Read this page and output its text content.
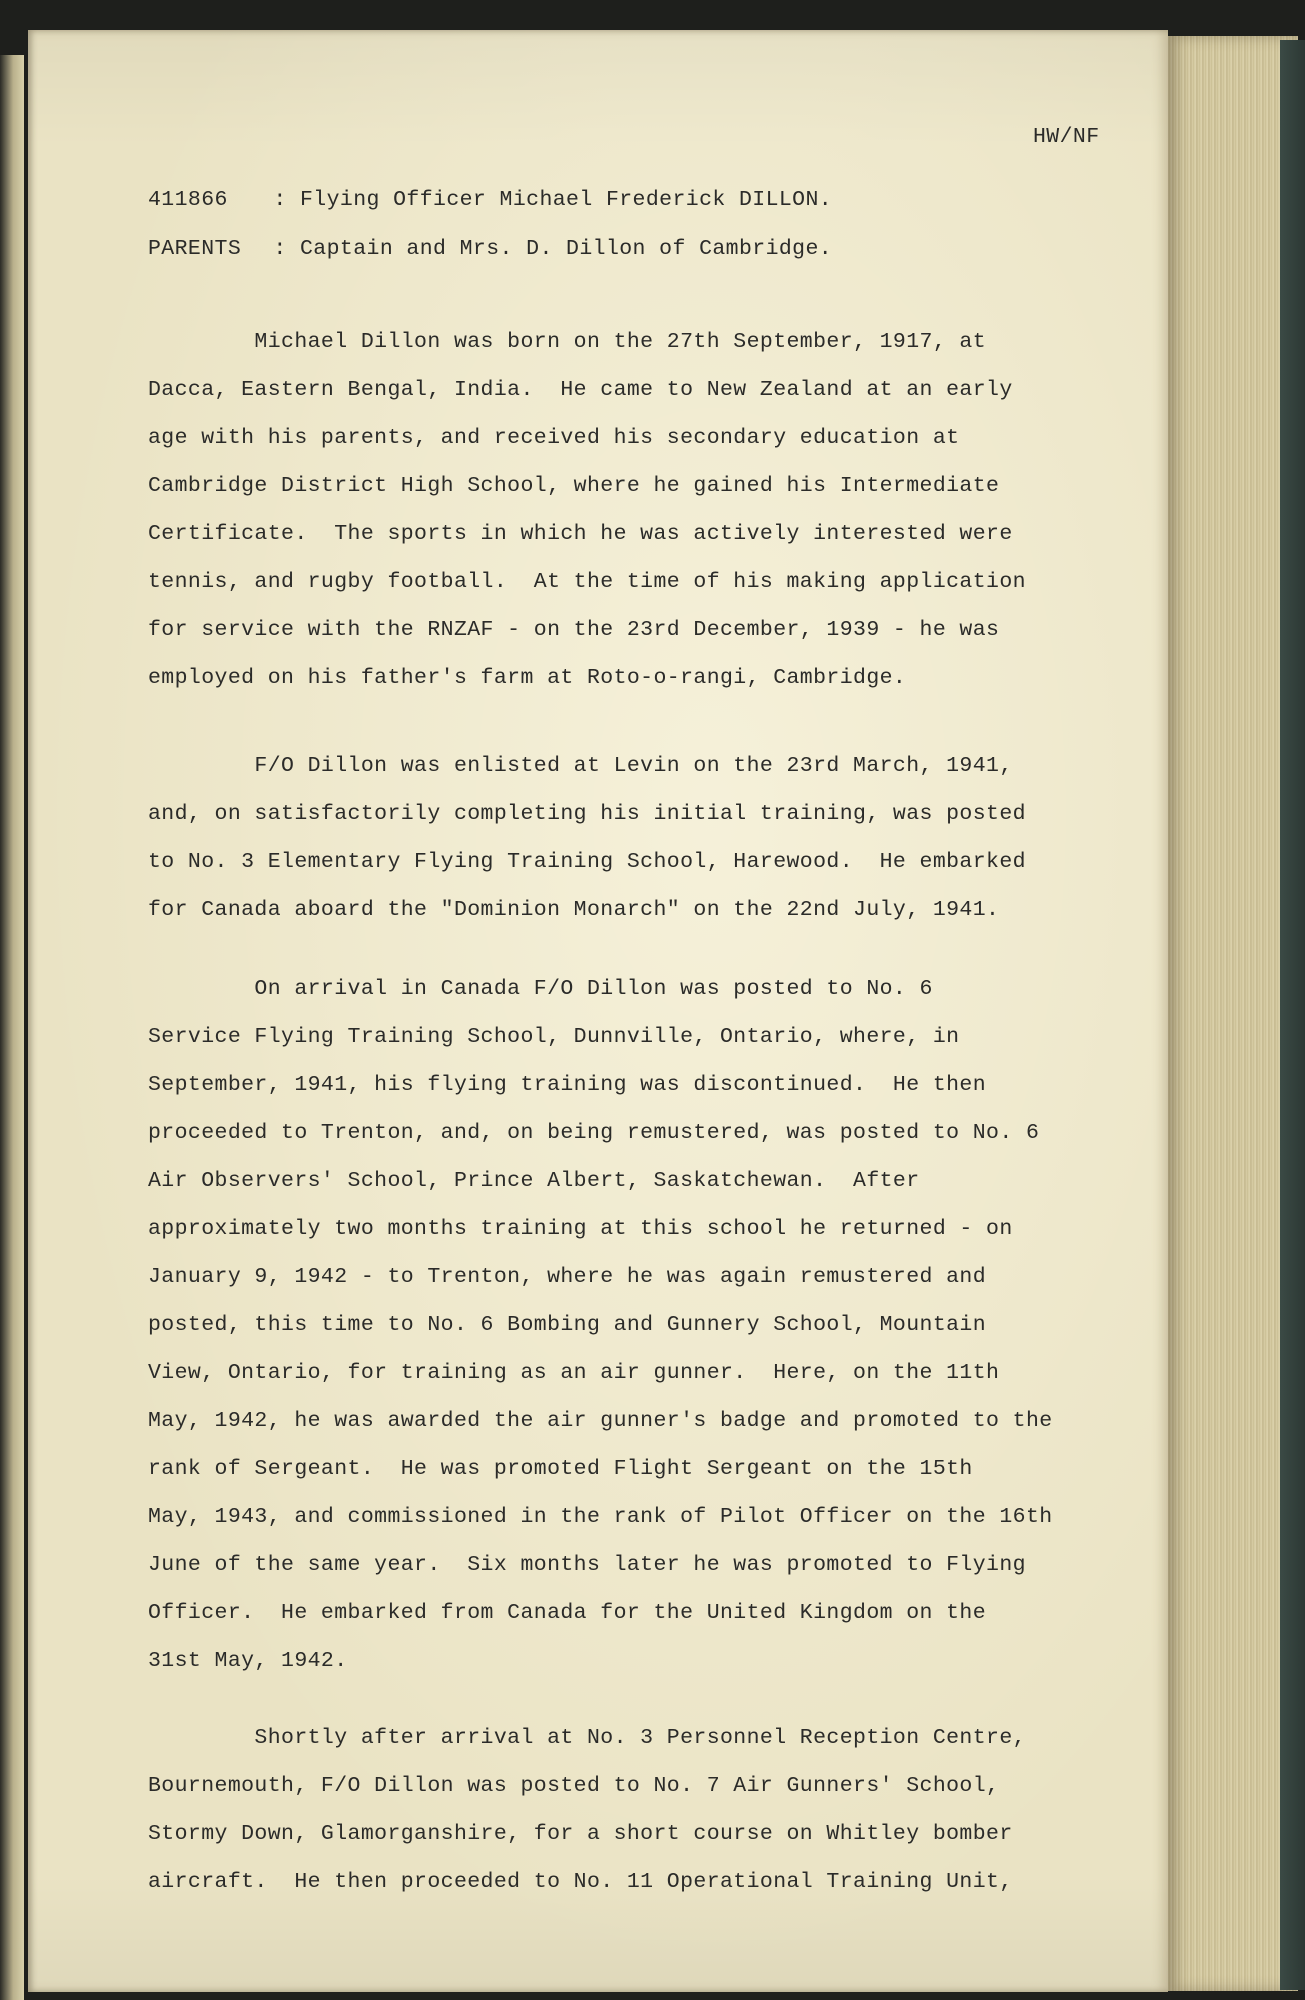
HW/NF
411866 : Flying Officer Michael Frederick DILLON.
PARENTS : Captain and Mrs. D. Dillon of Cambridge.
Michael Dillon was born on the 27th September, 1917, at
Dacca, Eastern Bengal, India.  He came to New Zealand at an early
age with his parents, and received his secondary education at
Cambridge District High School, where he gained his Intermediate
Certificate.  The sports in which he was actively interested were
tennis, and rugby football.  At the time of his making application
for service with the RNZAF - on the 23rd December, 1939 - he was
employed on his father's farm at Roto-o-rangi, Cambridge.
F/O Dillon was enlisted at Levin on the 23rd March, 1941,
and, on satisfactorily completing his initial training, was posted
to No. 3 Elementary Flying Training School, Harewood.  He embarked
for Canada aboard the "Dominion Monarch" on the 22nd July, 1941.
On arrival in Canada F/O Dillon was posted to No. 6
Service Flying Training School, Dunnville, Ontario, where, in
September, 1941, his flying training was discontinued.  He then
proceeded to Trenton, and, on being remustered, was posted to No. 6
Air Observers' School, Prince Albert, Saskatchewan.  After
approximately two months training at this school he returned - on
January 9, 1942 - to Trenton, where he was again remustered and
posted, this time to No. 6 Bombing and Gunnery School, Mountain
View, Ontario, for training as an air gunner.  Here, on the 11th
May, 1942, he was awarded the air gunner's badge and promoted to the
rank of Sergeant.  He was promoted Flight Sergeant on the 15th
May, 1943, and commissioned in the rank of Pilot Officer on the 16th
June of the same year.  Six months later he was promoted to Flying
Officer.  He embarked from Canada for the United Kingdom on the
31st May, 1942.
Shortly after arrival at No. 3 Personnel Reception Centre,
Bournemouth, F/O Dillon was posted to No. 7 Air Gunners' School,
Stormy Down, Glamorganshire, for a short course on Whitley bomber
aircraft.  He then proceeded to No. 11 Operational Training Unit,
